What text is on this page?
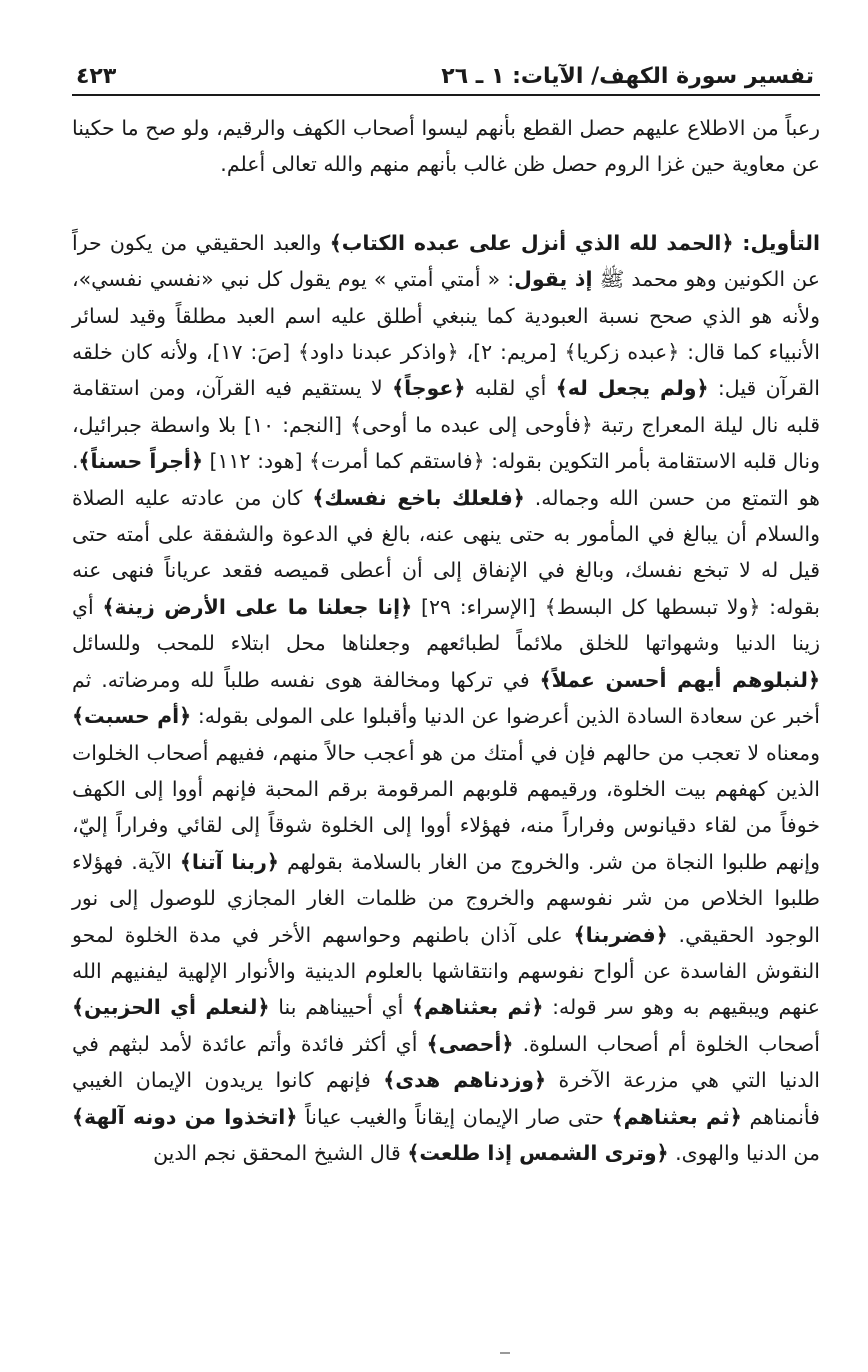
تفسير سورة الكهف/ الآيات: ١ ـ ٢٦
٤٢٣

رعباً من الاطلاع عليهم حصل القطع بأنهم ليسوا أصحاب الكهف والرقيم، ولو صح ما حكينا عن معاوية حين غزا الروم حصل ظن غالب بأنهم منهم والله تعالى أعلم.

التأويل: ﴿الحمد لله الذي أنزل على عبده الكتاب﴾ والعبد الحقيقي من يكون حراً عن الكونين وهو محمد ﷺ إذ يقول: « أمتي أمتي » يوم يقول كل نبي «نفسي نفسي»، ولأنه هو الذي صحح نسبة العبودية كما ينبغي أطلق عليه اسم العبد مطلقاً وقيد لسائر الأنبياء كما قال: ﴿عبده زكريا﴾ [مريم: ٢]، ﴿واذكر عبدنا داود﴾ [صَ: ١٧]، ولأنه كان خلقه القرآن قيل: ﴿ولم يجعل له﴾ أي لقلبه ﴿عوجاً﴾ لا يستقيم فيه القرآن، ومن استقامة قلبه نال ليلة المعراج رتبة ﴿فأوحى إلى عبده ما أوحى﴾ [النجم: ١٠] بلا واسطة جبرائيل، ونال قلبه الاستقامة بأمر التكوين بقوله: ﴿فاستقم كما أمرت﴾ [هود: ١١٢] ﴿أجراً حسناً﴾. هو التمتع من حسن الله وجماله. ﴿فلعلك باخع نفسك﴾ كان من عادته عليه الصلاة والسلام أن يبالغ في المأمور به حتى ينهى عنه، بالغ في الدعوة والشفقة على أمته حتى قيل له لا تبخع نفسك، وبالغ في الإنفاق إلى أن أعطى قميصه فقعد عرياناً فنهى عنه بقوله: ﴿ولا تبسطها كل البسط﴾ [الإسراء: ٢٩] ﴿إنا جعلنا ما على الأرض زينة﴾ أي زينا الدنيا وشهواتها للخلق ملائماً لطبائعهم وجعلناها محل ابتلاء للمحب وللسائل ﴿لنبلوهم أيهم أحسن عملاً﴾ في تركها ومخالفة هوى نفسه طلباً لله ومرضاته. ثم أخبر عن سعادة السادة الذين أعرضوا عن الدنيا وأقبلوا على المولى بقوله: ﴿أم حسبت﴾ ومعناه لا تعجب من حالهم فإن في أمتك من هو أعجب حالاً منهم، ففيهم أصحاب الخلوات الذين كهفهم بيت الخلوة، ورقيمهم قلوبهم المرقومة برقم المحبة فإنهم أووا إلى الكهف خوفاً من لقاء دقيانوس وفراراً منه، فهؤلاء أووا إلى الخلوة شوقاً إلى لقائي وفراراً إليّ، وإنهم طلبوا النجاة من شر. والخروج من الغار بالسلامة بقولهم ﴿ربنا آتنا﴾ الآية. فهؤلاء طلبوا الخلاص من شر نفوسهم والخروج من ظلمات الغار المجازي للوصول إلى نور الوجود الحقيقي. ﴿فضربنا﴾ على آذان باطنهم وحواسهم الأخر في مدة الخلوة لمحو النقوش الفاسدة عن ألواح نفوسهم وانتقاشها بالعلوم الدينية والأنوار الإلهية ليفنيهم الله عنهم ويبقيهم به وهو سر قوله: ﴿ثم بعثناهم﴾ أي أحييناهم بنا ﴿لنعلم أي الحزبين﴾ أصحاب الخلوة أم أصحاب السلوة. ﴿أحصى﴾ أي أكثر فائدة وأتم عائدة لأمد لبثهم في الدنيا التي هي مزرعة الآخرة ﴿وزدناهم هدى﴾ فإنهم كانوا يريدون الإيمان الغيبي فأنمناهم ﴿ثم بعثناهم﴾ حتى صار الإيمان إيقاناً والغيب عياناً ﴿اتخذوا من دونه آلهة﴾ من الدنيا والهوى. ﴿وترى الشمس إذا طلعت﴾ قال الشيخ المحقق نجم الدين
